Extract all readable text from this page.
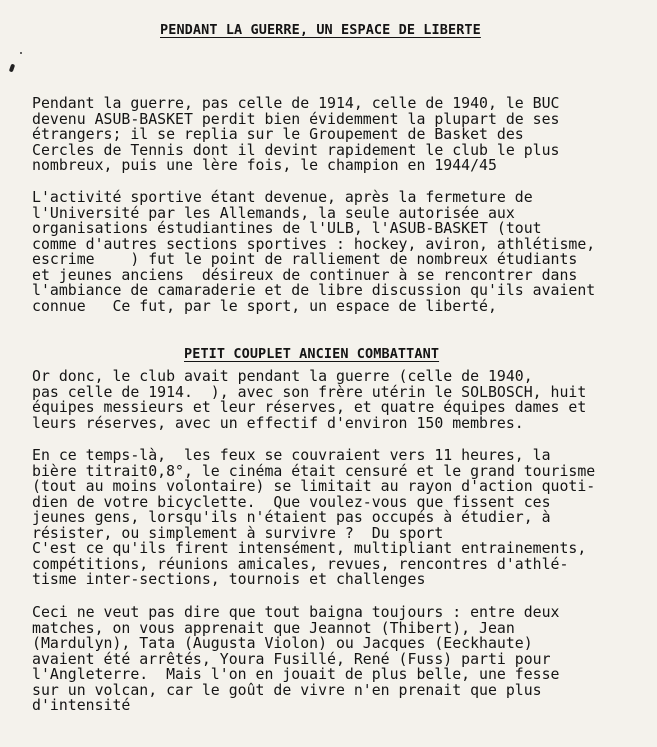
PENDANT LA GUERRE, UN ESPACE DE LIBERTE
Pendant la guerre, pas celle de 1914, celle de 1940, le BUC
devenu ASUB-BASKET perdit bien évidemment la plupart de ses
étrangers; il se replia sur le Groupement de Basket des
Cercles de Tennis dont il devint rapidement le club le plus
nombreux, puis une lère fois, le champion en 1944/45
L'activité sportive étant devenue, après la fermeture de
l'Université par les Allemands, la seule autorisée aux
organisations éstudiantines de l'ULB, l'ASUB-BASKET (tout
comme d'autres sections sportives : hockey, aviron, athlétisme,
escrime    ) fut le point de ralliement de nombreux étudiants
et jeunes anciens  désireux de continuer à se rencontrer dans
l'ambiance de camaraderie et de libre discussion qu'ils avaient
connue   Ce fut, par le sport, un espace de liberté,
PETIT COUPLET ANCIEN COMBATTANT
Or donc, le club avait pendant la guerre (celle de 1940,
pas celle de 1914.  ), avec son frère utérin le SOLBOSCH, huit
équipes messieurs et leur réserves, et quatre équipes dames et
leurs réserves, avec un effectif d'environ 150 membres.
En ce temps-là,  les feux se couvraient vers 11 heures, la
bière titrait0,8°, le cinéma était censuré et le grand tourisme
(tout au moins volontaire) se limitait au rayon d'action quoti-
dien de votre bicyclette.  Que voulez-vous que fissent ces
jeunes gens, lorsqu'ils n'étaient pas occupés à étudier, à
résister, ou simplement à survivre ?  Du sport
C'est ce qu'ils firent intensément, multipliant entrainements,
compétitions, réunions amicales, revues, rencontres d'athlé-
tisme inter-sections, tournois et challenges
Ceci ne veut pas dire que tout baigna toujours : entre deux
matches, on vous apprenait que Jeannot (Thibert), Jean
(Mardulyn), Tata (Augusta Violon) ou Jacques (Eeckhaute)
avaient été arrêtés, Youra Fusillé, René (Fuss) parti pour
l'Angleterre.  Mais l'on en jouait de plus belle, une fesse
sur un volcan, car le goût de vivre n'en prenait que plus
d'intensité
